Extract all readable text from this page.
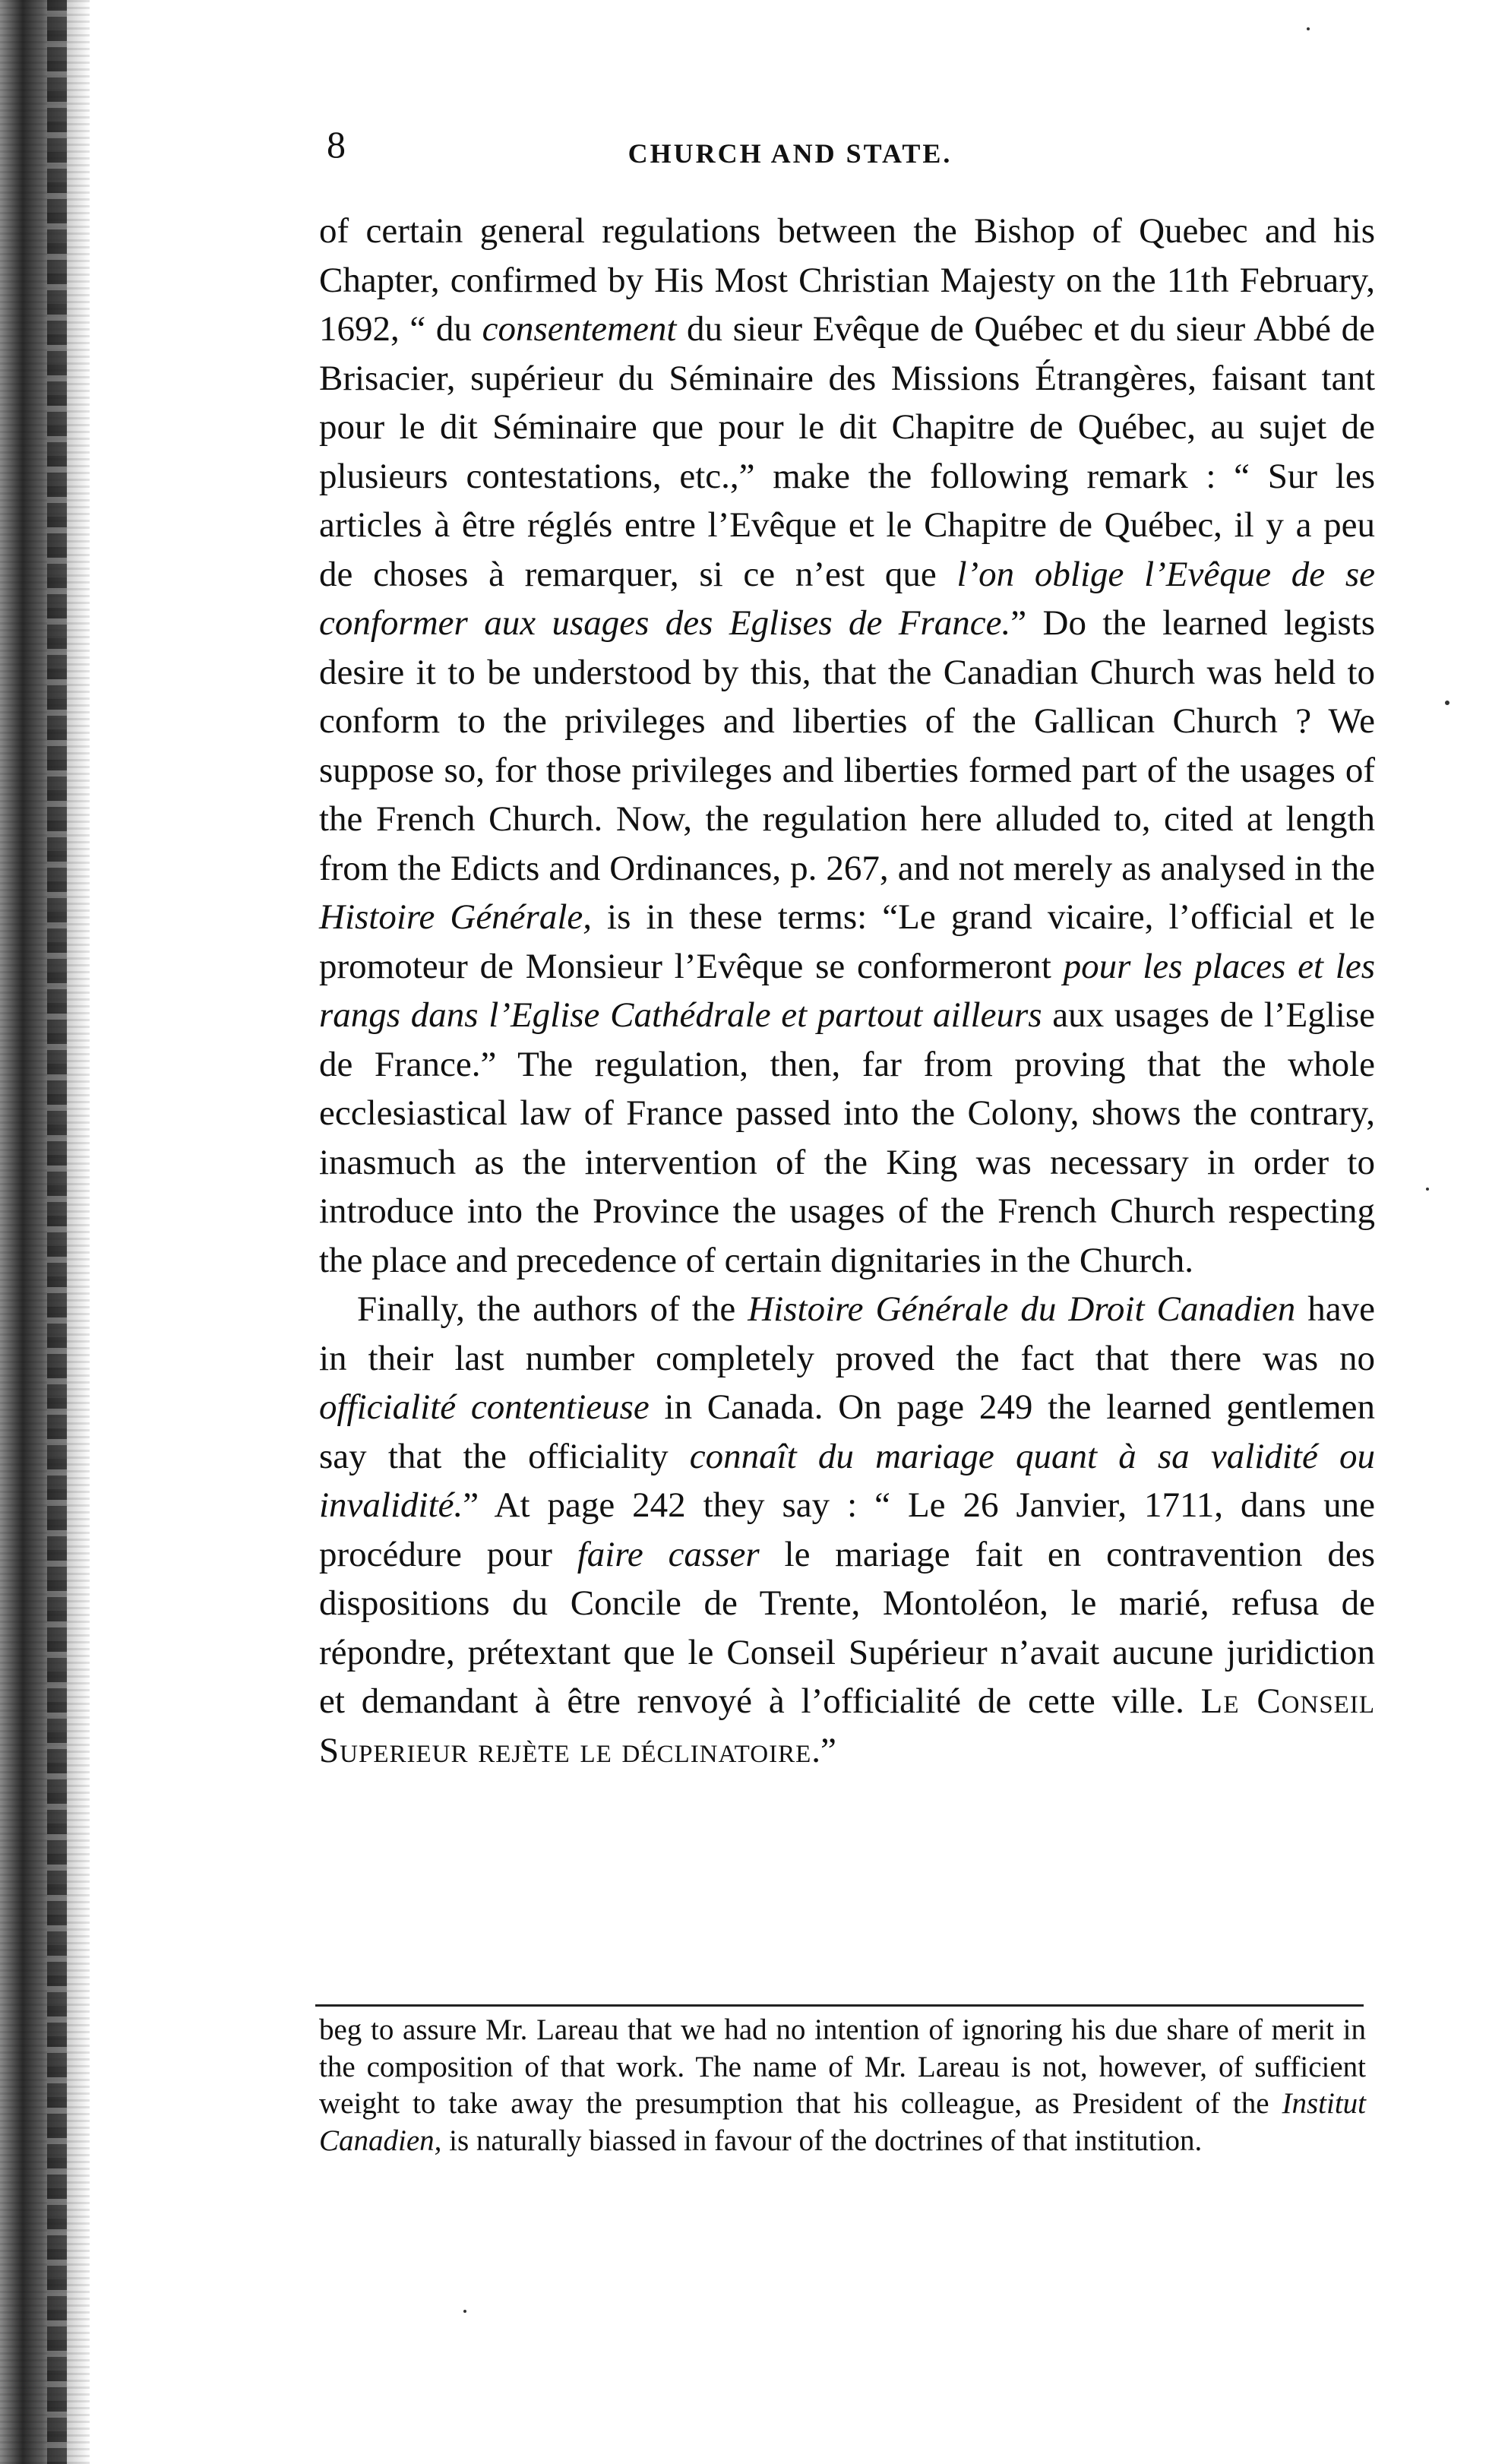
8	CHURCH AND STATE.

of certain general regulations between the Bishop of Quebec and his Chapter, confirmed by His Most Christian Majesty on the 11th February, 1692, “ du consentement du sieur Evêque de Québec et du sieur Abbé de Brisacier, supérieur du Séminaire des Missions Étrangères, faisant tant pour le dit Séminaire que pour le dit Chapitre de Québec, au sujet de plusieurs contestations, etc.,” make the following remark : “ Sur les articles à être réglés entre l’Evêque et le Chapitre de Québec, il y a peu de choses à remarquer, si ce n’est que l’on oblige l’Evêque de se conformer aux usages des Eglises de France.” Do the learned legists desire it to be understood by this, that the Canadian Church was held to conform to the privileges and liberties of the Gallican Church ? We suppose so, for those privileges and liberties formed part of the usages of the French Church. Now, the regulation here alluded to, cited at length from the Edicts and Ordinances, p. 267, and not merely as analysed in the Histoire Générale, is in these terms: “Le grand vicaire, l’official et le promoteur de Monsieur l’Evêque se conformeront pour les places et les rangs dans l’Eglise Cathédrale et partout ailleurs aux usages de l’Eglise de France.” The regulation, then, far from proving that the whole ecclesiastical law of France passed into the Colony, shows the contrary, inasmuch as the intervention of the King was necessary in order to introduce into the Province the usages of the French Church respecting the place and precedence of certain dignitaries in the Church.

Finally, the authors of the Histoire Générale du Droit Canadien have in their last number completely proved the fact that there was no officialité contentieuse in Canada. On page 249 the learned gentlemen say that the officiality connaît du mariage quant à sa validité ou invalidité.” At page 242 they say : “ Le 26 Janvier, 1711, dans une procédure pour faire casser le mariage fait en contravention des dispositions du Concile de Trente, Montoléon, le marié, refusa de répondre, prétextant que le Conseil Supérieur n’avait aucune juridiction et demandant à être renvoyé à l’officialité de cette ville. Le Conseil Superieur rejète le déclinatoire.”

beg to assure Mr. Lareau that we had no intention of ignoring his due share of merit in the composition of that work. The name of Mr. Lareau is not, however, of sufficient weight to take away the presumption that his colleague, as President of the Institut Canadien, is naturally biassed in favour of the doctrines of that institution.
